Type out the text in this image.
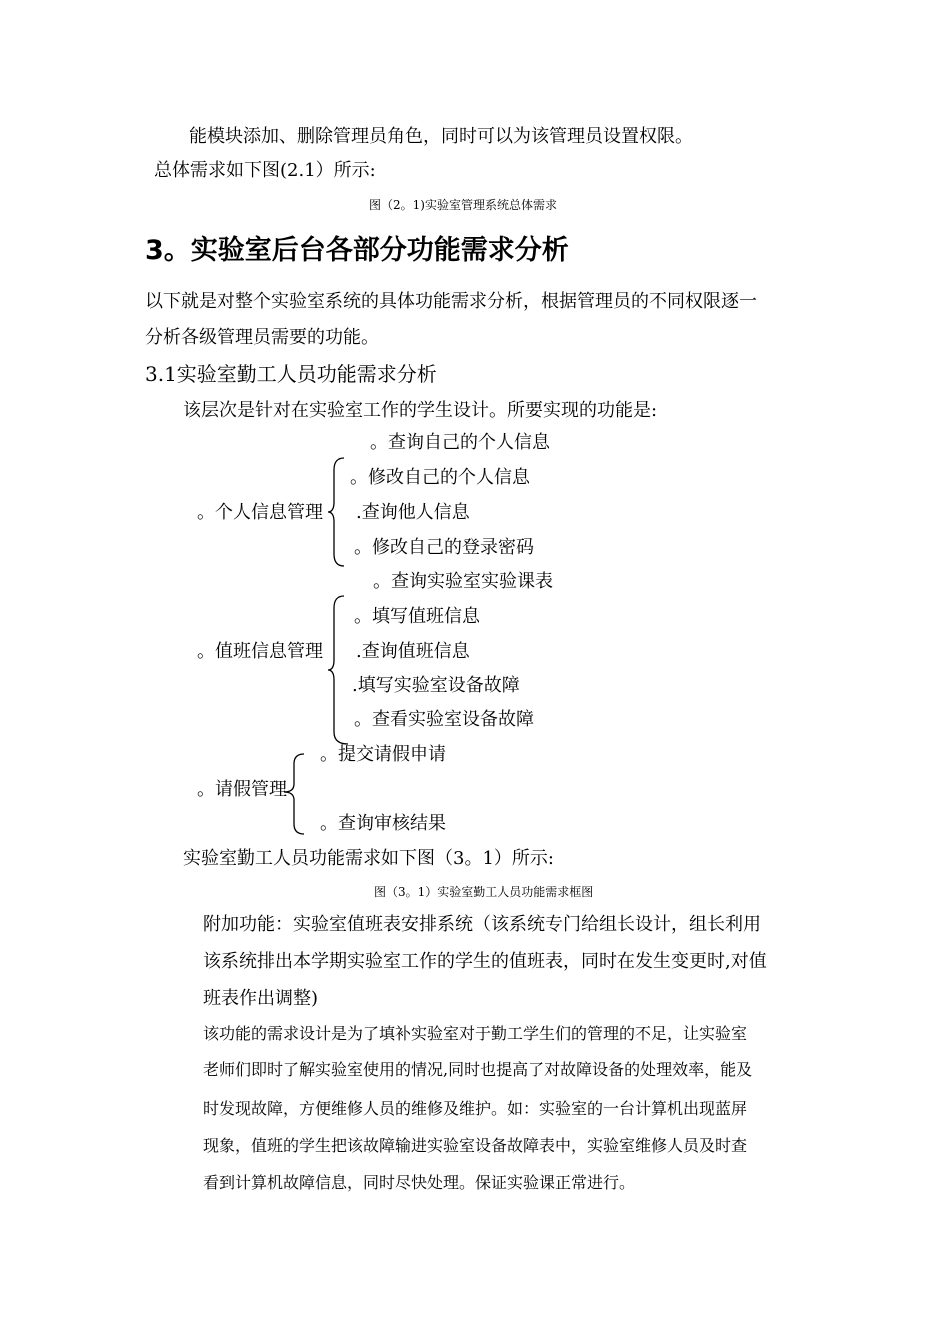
能模块添加、删除管理员角色，同时可以为该管理员设置权限。
总体需求如下图(2.1）所示:
图（2。1)实验室管理系统总体需求
3。实验室后台各部分功能需求分析
以下就是对整个实验室系统的具体功能需求分析，根据管理员的不同权限逐一
分析各级管理员需要的功能。
3.1实验室勤工人员功能需求分析
该层次是针对在实验室工作的学生设计。所要实现的功能是:
。个人信息管理
。查询自己的个人信息
。修改自己的个人信息
.查询他人信息
。修改自己的登录密码
。值班信息管理
。查询实验室实验课表
。填写值班信息
.查询值班信息
.填写实验室设备故障
。查看实验室设备故障
。请假管理
。提交请假申请
。查询审核结果
实验室勤工人员功能需求如下图（3。1）所示:
图（3。1）实验室勤工人员功能需求框图
附加功能：实验室值班表安排系统（该系统专门给组长设计，组长利用
该系统排出本学期实验室工作的学生的值班表，同时在发生变更时,对值
班表作出调整)
该功能的需求设计是为了填补实验室对于勤工学生们的管理的不足，让实验室
老师们即时了解实验室使用的情况,同时也提高了对故障设备的处理效率，能及
时发现故障，方便维修人员的维修及维护。如：实验室的一台计算机出现蓝屏
现象，值班的学生把该故障输进实验室设备故障表中，实验室维修人员及时查
看到计算机故障信息，同时尽快处理。保证实验课正常进行。
